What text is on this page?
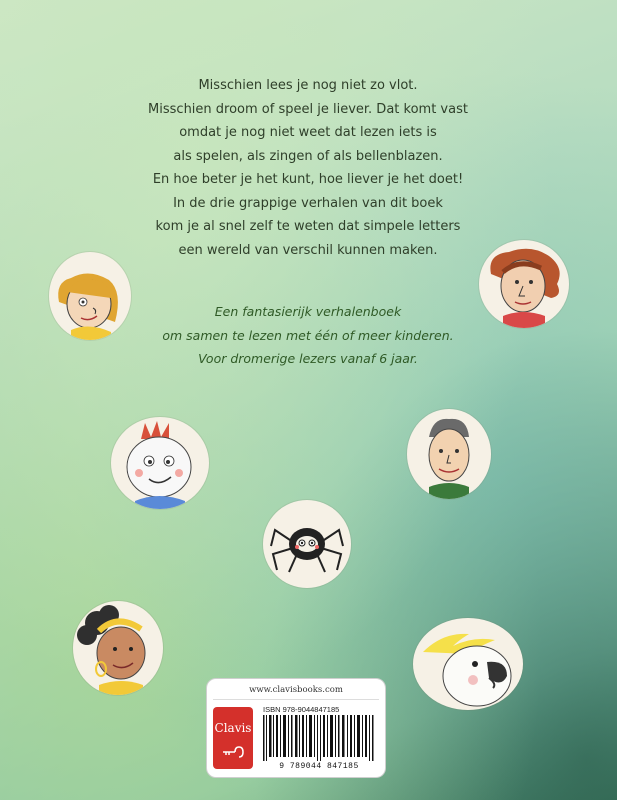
Misschien lees je nog niet zo vlot.
Misschien droom of speel je liever. Dat komt vast
omdat je nog niet weet dat lezen iets is
als spelen, als zingen of als bellenblazen.
En hoe beter je het kunt, hoe liever je het doet!
In de drie grappige verhalen van dit boek
kom je al snel zelf te weten dat simpele letters
een wereld van verschil kunnen maken.
Een fantasierijk verhalenboek
om samen te lezen met één of meer kinderen.
Voor dromerige lezers vanaf 6 jaar.
www.clavisbooks.com
Clavis
ISBN 978-9044847185
9 789044 847185
